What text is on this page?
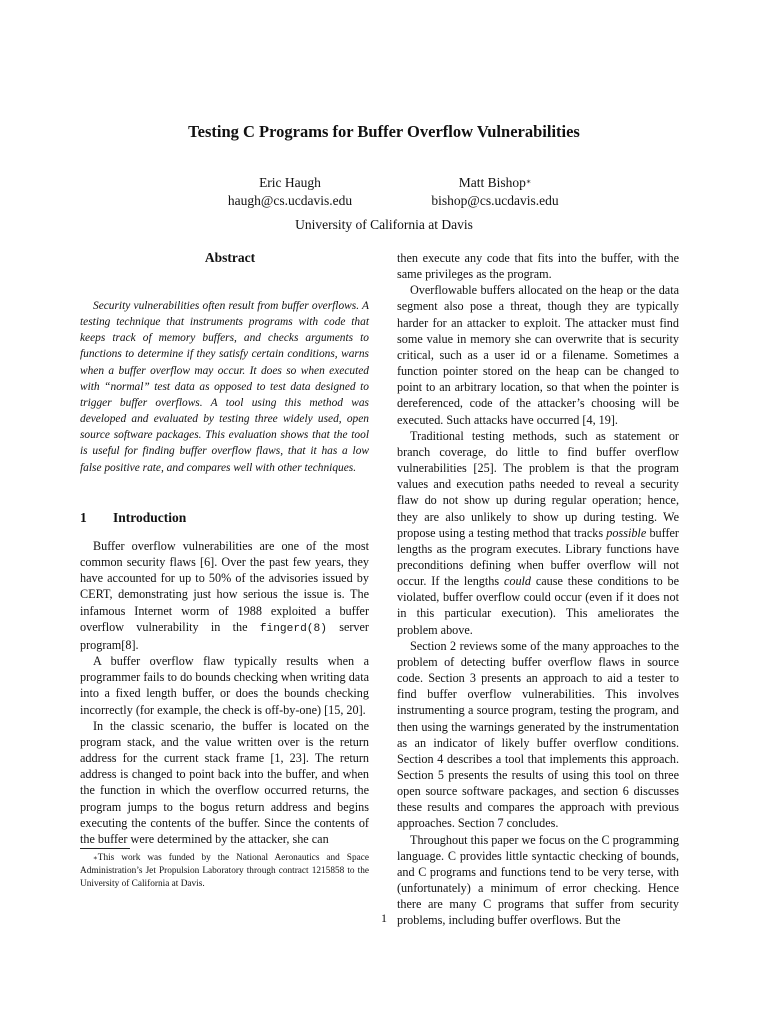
Testing C Programs for Buffer Overflow Vulnerabilities
Eric Haugh
haugh@cs.ucdavis.edu
Matt Bishop∗
bishop@cs.ucdavis.edu
University of California at Davis
Abstract

Security vulnerabilities often result from buffer overflows. A testing technique that instruments programs with code that keeps track of memory buffers, and checks arguments to functions to determine if they satisfy certain conditions, warns when a buffer overflow may occur. It does so when executed with “normal” test data as opposed to test data designed to trigger buffer overflows. A tool using this method was developed and evaluated by testing three widely used, open source software packages. This evaluation shows that the tool is useful for finding buffer overflow flaws, that it has a low false positive rate, and compares well with other techniques.

1 Introduction

Buffer overflow vulnerabilities are one of the most common security flaws [6]. Over the past few years, they have accounted for up to 50% of the advisories issued by CERT, demonstrating just how serious the issue is. The infamous Internet worm of 1988 exploited a buffer overflow vulnerability in the fingerd(8) server program[8].

A buffer overflow flaw typically results when a programmer fails to do bounds checking when writing data into a fixed length buffer, or does the bounds checking incorrectly (for example, the check is off-by-one) [15, 20].

In the classic scenario, the buffer is located on the program stack, and the value written over is the return address for the current stack frame [1, 23]. The return address is changed to point back into the buffer, and when the function in which the overflow occurred returns, the program jumps to the bogus return address and begins executing the contents of the buffer. Since the contents of the buffer were determined by the attacker, she can

∗This work was funded by the National Aeronautics and Space Administration’s Jet Propulsion Laboratory through contract 1215858 to the University of California at Davis.

then execute any code that fits into the buffer, with the same privileges as the program.

Overflowable buffers allocated on the heap or the data segment also pose a threat, though they are typically harder for an attacker to exploit. The attacker must find some value in memory she can overwrite that is security critical, such as a user id or a filename. Sometimes a function pointer stored on the heap can be changed to point to an arbitrary location, so that when the pointer is dereferenced, code of the attacker’s choosing will be executed. Such attacks have occurred [4, 19].

Traditional testing methods, such as statement or branch coverage, do little to find buffer overflow vulnerabilities [25]. The problem is that the program values and execution paths needed to reveal a security flaw do not show up during regular operation; hence, they are also unlikely to show up during testing. We propose using a testing method that tracks possible buffer lengths as the program executes. Library functions have preconditions defining when buffer overflow will not occur. If the lengths could cause these conditions to be violated, buffer overflow could occur (even if it does not in this particular execution). This ameliorates the problem above.

Section 2 reviews some of the many approaches to the problem of detecting buffer overflow flaws in source code. Section 3 presents an approach to aid a tester to find buffer overflow vulnerabilities. This involves instrumenting a source program, testing the program, and then using the warnings generated by the instrumentation as an indicator of likely buffer overflow conditions. Section 4 describes a tool that implements this approach. Section 5 presents the results of using this tool on three open source software packages, and section 6 discusses these results and compares the approach with previous approaches. Section 7 concludes.

Throughout this paper we focus on the C programming language. C provides little syntactic checking of bounds, and C programs and functions tend to be very terse, with (unfortunately) a minimum of error checking. Hence there are many C programs that suffer from security problems, including buffer overflows. But the

1
